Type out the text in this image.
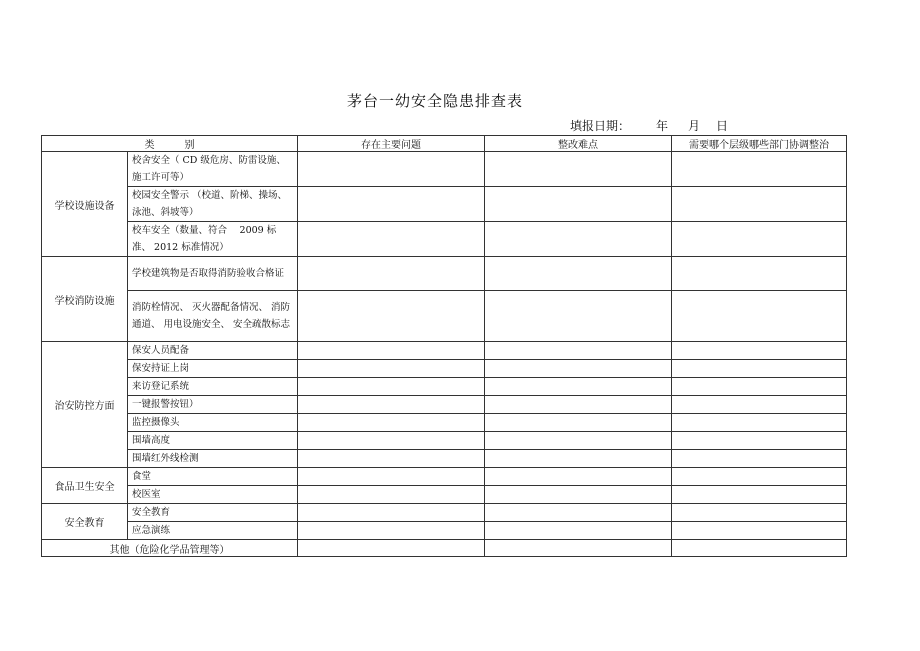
茅台一幼安全隐患排查表
填报日期： 年 月 日
类　　　别		存在主要问题	整改难点	需要哪个层级哪些部门协调整治
学校设施设备	校舍安全（ CD 级危房、防雷设施、施工许可等）			
	校园安全警示 （校道、阶梯、操场、泳池、斜坡等）			
	校车安全（数量、符合　 2009 标准、 2012 标准情况）			
学校消防设施	学校建筑物是否取得消防验收合格证			
	消防栓情况、 灭火器配备情况、 消防通道、 用电设施安全、 安全疏散标志			
治安防控方面	保安人员配备			
	保安持证上岗			
	来访登记系统			
	一键报警按钮）			
	监控摄像头			
	围墙高度			
	围墙红外线检测			
食品卫生安全	食堂			
	校医室			
安全教育	安全教育			
	应急演练			
其他（危险化学品管理等）				
